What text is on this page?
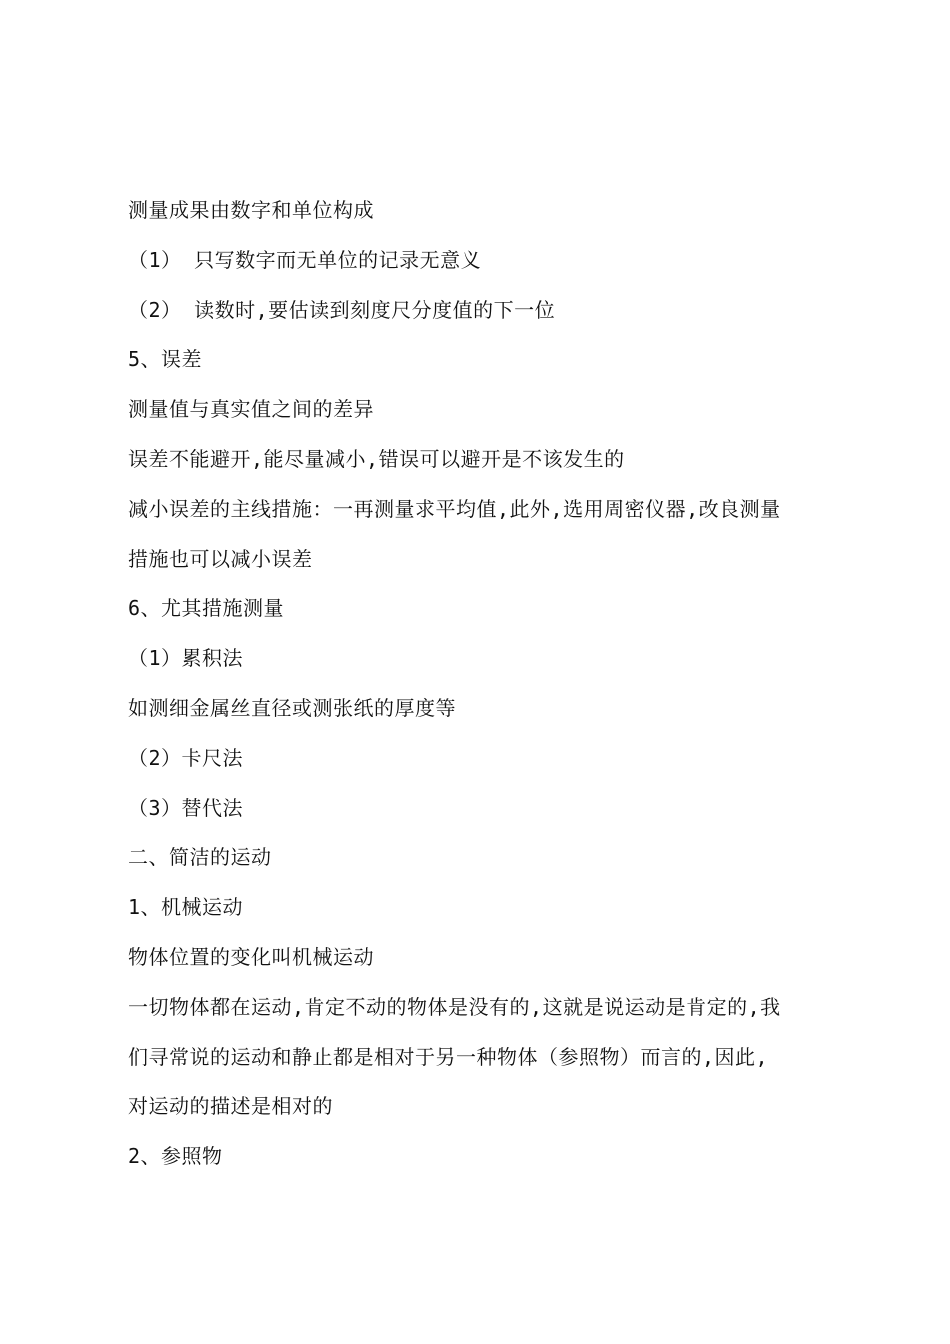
测量成果由数字和单位构成
（1） 只写数字而无单位的记录无意义
（2） 读数时,要估读到刻度尺分度值的下一位
5、误差
测量值与真实值之间的差异
误差不能避开,能尽量减小,错误可以避开是不该发生的
减小误差的主线措施：一再测量求平均值,此外,选用周密仪器,改良测量
措施也可以减小误差
6、尤其措施测量
（1）累积法
如测细金属丝直径或测张纸的厚度等
（2）卡尺法
（3）替代法
二、简洁的运动
1、机械运动
物体位置的变化叫机械运动
一切物体都在运动,肯定不动的物体是没有的,这就是说运动是肯定的,我
们寻常说的运动和静止都是相对于另一种物体（参照物）而言的,因此,
对运动的描述是相对的
2、参照物
